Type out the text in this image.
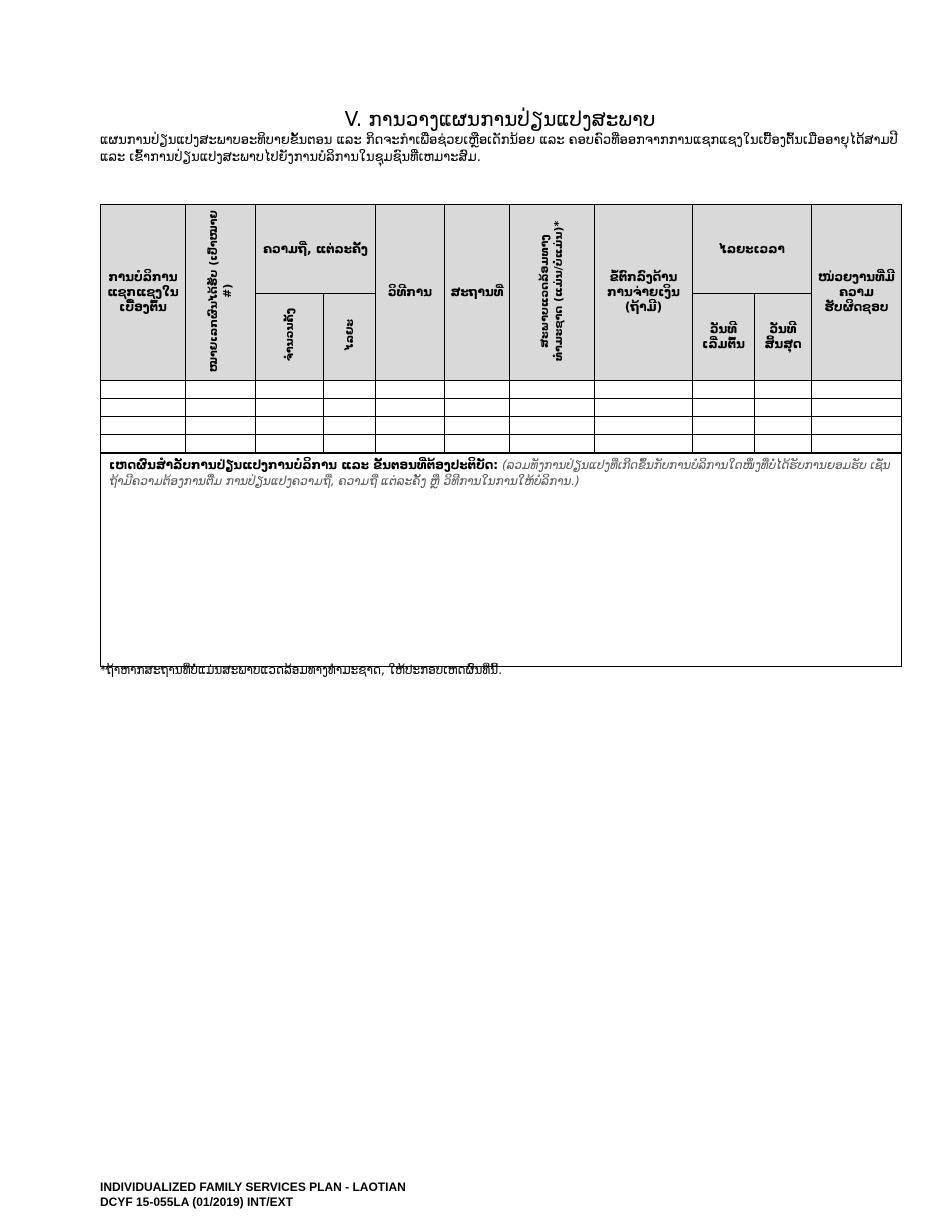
V. ການວາງແຜນການປ່ຽນແປງສະພາບ
ແຜນການປ່ຽນແປງສະພາບອະທິບາຍຂັ້ນຕອນ ແລະ ກິດຈະກຳເພື່ອຊ່ວຍເຫຼືອເດັກນ້ອຍ ແລະ ຄອບຄົວທີ່ອອກຈາກການແຊກແຊງໃນເບື້ອງຕົ້ນເມື່ອອາຍຸໄດ້ສາມປີ ແລະ ເຂົ້າການປ່ຽນແປງສະພາບໄປຍັງການບໍລິການໃນຊຸມຊົນທີ່ເຫມາະສົມ.
ການບໍລິການແຊກແຊງໃນເບື້ອງຕົ້ນ	ໝາຍເລກຜົນໄດ້ຮັບ (ເປົ້າໝາຍ #)	ຄວາມຖີ່, ແຕ່ລະຄັ້ງ		ວິທີການ	ສະຖານທີ່	ສະພາບແວດລ້ອມທາງທຳມະຊາດ (ແມ່ນ/ບໍ່ແມ່ນ)*	ຂໍ້ຕົກລົງດ້ານການຈ່າຍເງິນ (ຖ້າມີ)	ໄລຍະເວລາ		ໜ່ວຍງານທີ່ມີຄວາມຮັບຜິດຊອບ

		ຈຳນວນຄັ້ງ	ໄລຍະ					ວັນທີເລີ່ມຕົ້ນ	ວັນທີສິ້ນສຸດ	

ເຫດຜົນສຳລັບການປ່ຽນແປງການບໍລິການ ແລະ ຂັ້ນຕອນທີ່ຕ້ອງປະຕິບັດ: (ລວມທັງການປ່ຽນແປງທີ່ເກີດຂຶ້ນກັບການບໍລິການໃດໜຶ່ງທີ່ບໍ່ໄດ້ຮັບການຍອມຮັບ ເຊັ່ນ ຖ້າມີຄວາມຕ້ອງການຕື່ມ ການປ່ຽນແປງຄວາມຖີ່, ຄວາມຖີ່ ແຕ່ລະຄັ້ງ ຫຼື ວິທີການໃນການໃຫ້ບໍລິການ.)										
*ຖ້າຫາກສະຖານທີ່ບໍ່ແມ່ນສະພາບແວດລ້ອມທາງທຳມະຊາດ, ໃຫ້ປະກອບເຫດຜົນທີ່ນີ້.
INDIVIDUALIZED FAMILY SERVICES PLAN - LAOTIAN
DCYF 15-055LA (01/2019) INT/EXT
